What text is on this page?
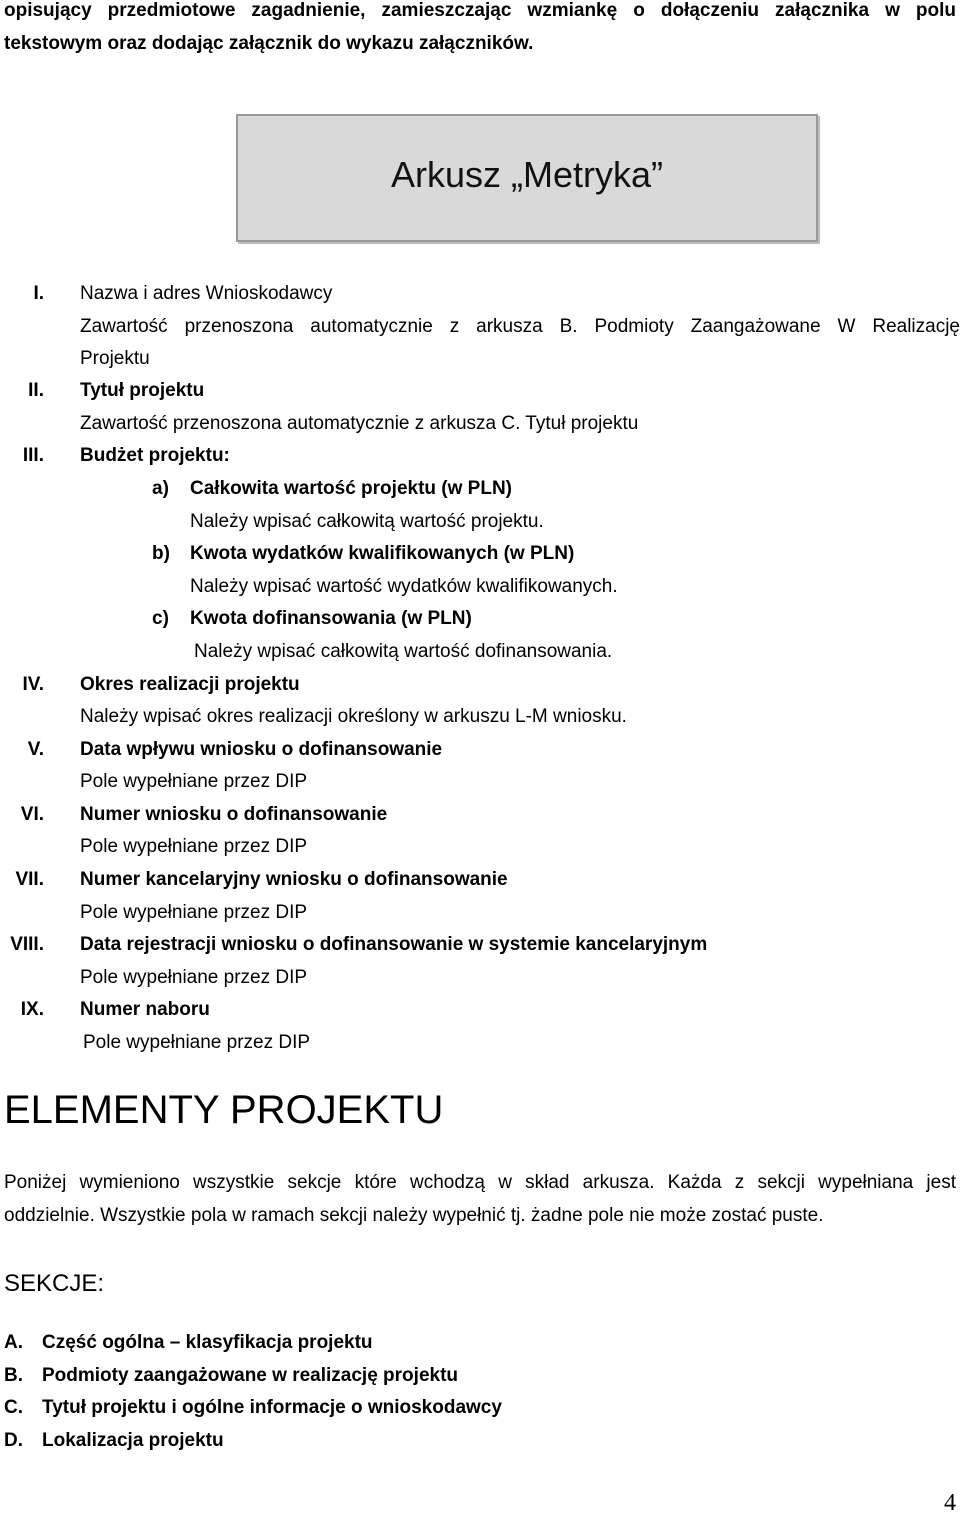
opisujący przedmiotowe zagadnienie, zamieszczając wzmiankę o dołączeniu załącznika w polu
tekstowym oraz dodając załącznik do wykazu załączników.
Arkusz „Metryka”
I. Nazwa i adres Wnioskodawcy
Zawartość przenoszona automatycznie z arkusza B. Podmioty Zaangażowane W Realizację
Projektu
II. Tytuł projektu
Zawartość przenoszona automatycznie z arkusza C. Tytuł projektu
III. Budżet projektu:
a) Całkowita wartość projektu (w PLN)
Należy wpisać całkowitą wartość projektu.
b) Kwota wydatków kwalifikowanych (w PLN)
Należy wpisać wartość wydatków kwalifikowanych.
c) Kwota dofinansowania (w PLN)
Należy wpisać całkowitą wartość dofinansowania.
IV. Okres realizacji projektu
Należy wpisać okres realizacji określony w arkuszu L-M wniosku.
V. Data wpływu wniosku o dofinansowanie
Pole wypełniane przez DIP
VI. Numer wniosku o dofinansowanie
Pole wypełniane przez DIP
VII. Numer kancelaryjny wniosku o dofinansowanie
Pole wypełniane przez DIP
VIII. Data rejestracji wniosku o dofinansowanie w systemie kancelaryjnym
Pole wypełniane przez DIP
IX. Numer naboru
Pole wypełniane przez DIP
ELEMENTY PROJEKTU
Poniżej wymieniono wszystkie sekcje które wchodzą w skład arkusza. Każda z sekcji wypełniana jest
oddzielnie. Wszystkie pola w ramach sekcji należy wypełnić tj. żadne pole nie może zostać puste.
SEKCJE:
A. Część ogólna – klasyfikacja projektu
B. Podmioty zaangażowane w realizację projektu
C. Tytuł projektu i ogólne informacje o wnioskodawcy
D. Lokalizacja projektu
4
